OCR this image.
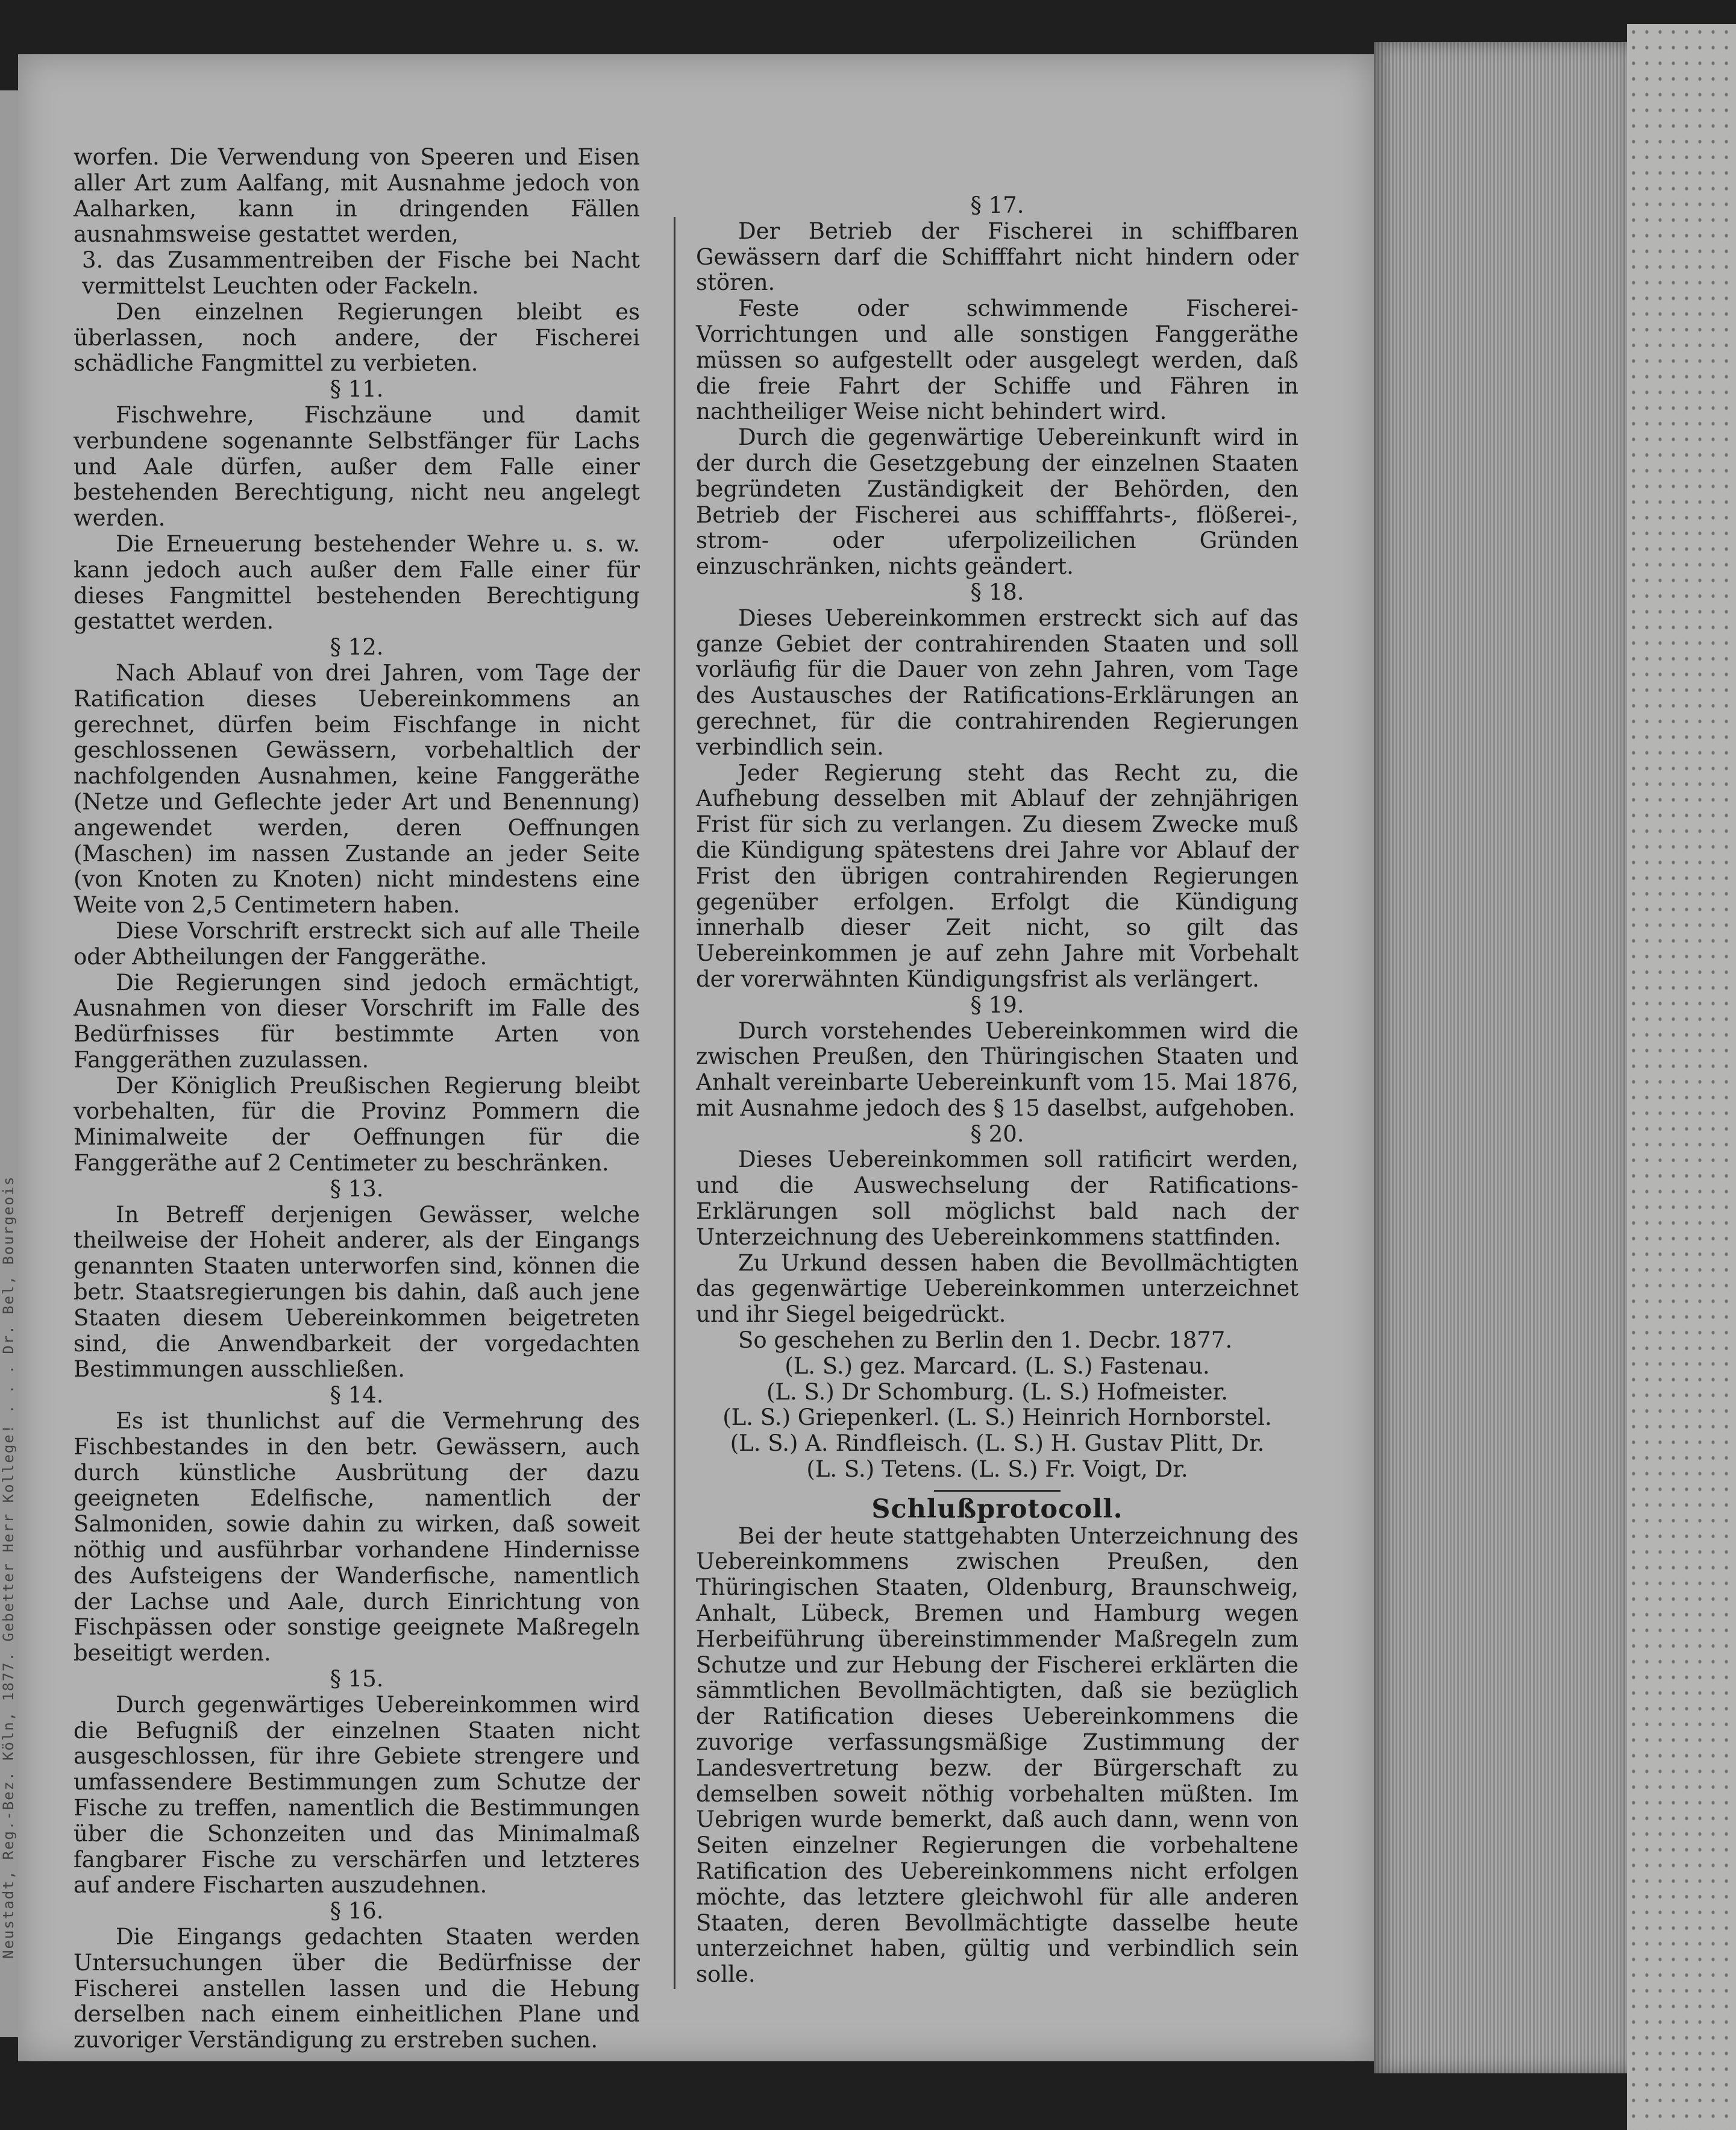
Neustadt, Reg.-Bez. Köln, 1877. Gebetter Herr Kollege! . . . Dr. Bel, Bourgeois

worfen. Die Verwendung von Speeren und Eisen aller Art zum Aalfang, mit Ausnahme jedoch von Aalharken, kann in dringenden Fällen ausnahmsweise gestattet werden,

3. das Zusammentreiben der Fische bei Nacht vermittelst Leuchten oder Fackeln.

Den einzelnen Regierungen bleibt es überlassen, noch andere, der Fischerei schädliche Fangmittel zu verbieten.

§ 11.

Fischwehre, Fischzäune und damit verbundene sogenannte Selbstfänger für Lachs und Aale dürfen, außer dem Falle einer bestehenden Berechtigung, nicht neu angelegt werden.

Die Erneuerung bestehender Wehre u. s. w. kann jedoch auch außer dem Falle einer für dieses Fangmittel bestehenden Berechtigung gestattet werden.

§ 12.

Nach Ablauf von drei Jahren, vom Tage der Ratification dieses Uebereinkommens an gerechnet, dürfen beim Fischfange in nicht geschlossenen Gewässern, vorbehaltlich der nachfolgenden Ausnahmen, keine Fanggeräthe (Netze und Geflechte jeder Art und Benennung) angewendet werden, deren Oeffnungen (Maschen) im nassen Zustande an jeder Seite (von Knoten zu Knoten) nicht mindestens eine Weite von 2,5 Centimetern haben.

Diese Vorschrift erstreckt sich auf alle Theile oder Abtheilungen der Fanggeräthe.

Die Regierungen sind jedoch ermächtigt, Ausnahmen von dieser Vorschrift im Falle des Bedürfnisses für bestimmte Arten von Fanggeräthen zuzulassen.

Der Königlich Preußischen Regierung bleibt vorbehalten, für die Provinz Pommern die Minimalweite der Oeffnungen für die Fanggeräthe auf 2 Centimeter zu beschränken.

§ 13.

In Betreff derjenigen Gewässer, welche theilweise der Hoheit anderer, als der Eingangs genannten Staaten unterworfen sind, können die betr. Staatsregierungen bis dahin, daß auch jene Staaten diesem Uebereinkommen beigetreten sind, die Anwendbarkeit der vorgedachten Bestimmungen ausschließen.

§ 14.

Es ist thunlichst auf die Vermehrung des Fischbestandes in den betr. Gewässern, auch durch künstliche Ausbrütung der dazu geeigneten Edelfische, namentlich der Salmoniden, sowie dahin zu wirken, daß soweit nöthig und ausführbar vorhandene Hindernisse des Aufsteigens der Wanderfische, namentlich der Lachse und Aale, durch Einrichtung von Fischpässen oder sonstige geeignete Maßregeln beseitigt werden.

§ 15.

Durch gegenwärtiges Uebereinkommen wird die Befugniß der einzelnen Staaten nicht ausgeschlossen, für ihre Gebiete strengere und umfassendere Bestimmungen zum Schutze der Fische zu treffen, namentlich die Bestimmungen über die Schonzeiten und das Minimalmaß fangbarer Fische zu verschärfen und letzteres auf andere Fischarten auszudehnen.

§ 16.

Die Eingangs gedachten Staaten werden Untersuchungen über die Bedürfnisse der Fischerei anstellen lassen und die Hebung derselben nach einem einheitlichen Plane und zuvoriger Verständigung zu erstreben suchen.

§ 17.

Der Betrieb der Fischerei in schiffbaren Gewässern darf die Schifffahrt nicht hindern oder stören.

Feste oder schwimmende Fischerei-Vorrichtungen und alle sonstigen Fanggeräthe müssen so aufgestellt oder ausgelegt werden, daß die freie Fahrt der Schiffe und Fähren in nachtheiliger Weise nicht behindert wird.

Durch die gegenwärtige Uebereinkunft wird in der durch die Gesetzgebung der einzelnen Staaten begründeten Zuständigkeit der Behörden, den Betrieb der Fischerei aus schifffahrts-, flößerei-, strom- oder uferpolizeilichen Gründen einzuschränken, nichts geändert.

§ 18.

Dieses Uebereinkommen erstreckt sich auf das ganze Gebiet der contrahirenden Staaten und soll vorläufig für die Dauer von zehn Jahren, vom Tage des Austausches der Ratifications-Erklärungen an gerechnet, für die contrahirenden Regierungen verbindlich sein.

Jeder Regierung steht das Recht zu, die Aufhebung desselben mit Ablauf der zehnjährigen Frist für sich zu verlangen. Zu diesem Zwecke muß die Kündigung spätestens drei Jahre vor Ablauf der Frist den übrigen contrahirenden Regierungen gegenüber erfolgen. Erfolgt die Kündigung innerhalb dieser Zeit nicht, so gilt das Uebereinkommen je auf zehn Jahre mit Vorbehalt der vorerwähnten Kündigungsfrist als verlängert.

§ 19.

Durch vorstehendes Uebereinkommen wird die zwischen Preußen, den Thüringischen Staaten und Anhalt vereinbarte Uebereinkunft vom 15. Mai 1876, mit Ausnahme jedoch des § 15 daselbst, aufgehoben.

§ 20.

Dieses Uebereinkommen soll ratificirt werden, und die Auswechselung der Ratifications-Erklärungen soll möglichst bald nach der Unterzeichnung des Uebereinkommens stattfinden.

Zu Urkund dessen haben die Bevollmächtigten das gegenwärtige Uebereinkommen unterzeichnet und ihr Siegel beigedrückt.

So geschehen zu Berlin den 1. Decbr. 1877.

(L. S.) gez. Marcard. (L. S.) Fastenau.

(L. S.) Dr Schomburg. (L. S.) Hofmeister.

(L. S.) Griepenkerl. (L. S.) Heinrich Hornborstel.

(L. S.) A. Rindfleisch. (L. S.) H. Gustav Plitt, Dr.

(L. S.) Tetens. (L. S.) Fr. Voigt, Dr.

Schlußprotocoll.

Bei der heute stattgehabten Unterzeichnung des Uebereinkommens zwischen Preußen, den Thüringischen Staaten, Oldenburg, Braunschweig, Anhalt, Lübeck, Bremen und Hamburg wegen Herbeiführung übereinstimmender Maßregeln zum Schutze und zur Hebung der Fischerei erklärten die sämmtlichen Bevollmächtigten, daß sie bezüglich der Ratification dieses Uebereinkommens die zuvorige verfassungsmäßige Zustimmung der Landesvertretung bezw. der Bürgerschaft zu demselben soweit nöthig vorbehalten müßten. Im Uebrigen wurde bemerkt, daß auch dann, wenn von Seiten einzelner Regierungen die vorbehaltene Ratification des Uebereinkommens nicht erfolgen möchte, das letztere gleichwohl für alle anderen Staaten, deren Bevollmächtigte dasselbe heute unterzeichnet haben, gültig und verbindlich sein solle.
